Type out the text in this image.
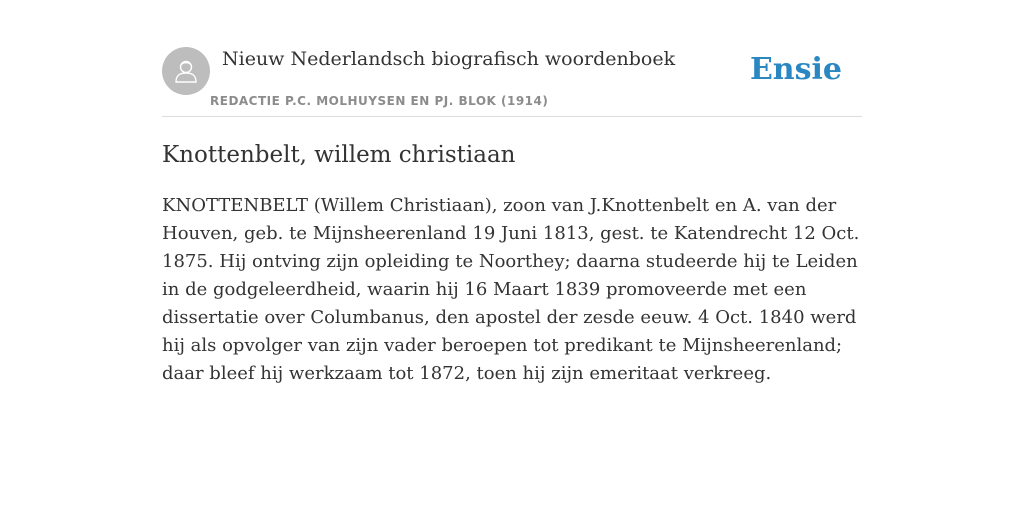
Nieuw Nederlandsch biografisch woordenboek
REDACTIE P.C. MOLHUYSEN EN PJ. BLOK (1914)
Ensie
Knottenbelt, willem christiaan

KNOTTENBELT (Willem Christiaan), zoon van J.Knottenbelt en A. van der Houven, geb. te Mijnsheerenland 19 Juni 1813, gest. te Katendrecht 12 Oct. 1875. Hij ontving zijn opleiding te Noorthey; daarna studeerde hij te Leiden in de godgeleerdheid, waarin hij 16 Maart 1839 promoveerde met een dissertatie over Columbanus, den apostel der zesde eeuw. 4 Oct. 1840 werd hij als opvolger van zijn vader beroepen tot predikant te Mijnsheerenland; daar bleef hij werkzaam tot 1872, toen hij zijn emeritaat verkreeg.
